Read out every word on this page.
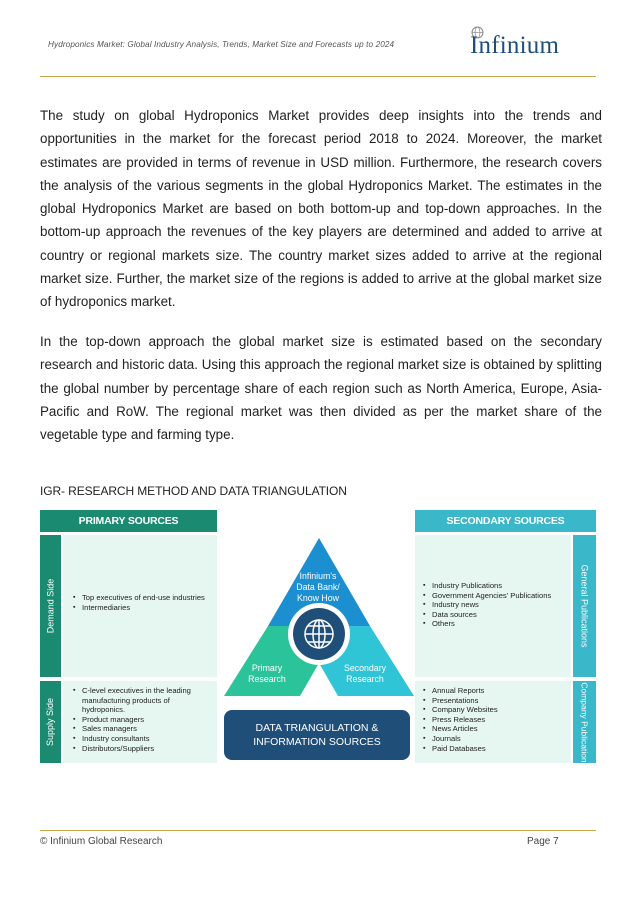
Hydroponics Market: Global Industry Analysis, Trends, Market Size and Forecasts up to 2024	Infinium

The study on global Hydroponics Market provides deep insights into the trends and opportunities in the market for the forecast period 2018 to 2024. Moreover, the market estimates are provided in terms of revenue in USD million. Furthermore, the research covers the analysis of the various segments in the global Hydroponics Market. The estimates in the global Hydroponics Market are based on both bottom-up and top-down approaches. In the bottom-up approach the revenues of the key players are determined and added to arrive at country or regional markets size. The country market sizes added to arrive at the regional market size. Further, the market size of the regions is added to arrive at the global market size of hydroponics market.

In the top-down approach the global market size is estimated based on the secondary research and historic data. Using this approach the regional market size is obtained by splitting the global number by percentage share of each region such as North America, Europe, Asia-Pacific and RoW. The regional market was then divided as per the market share of the vegetable type and farming type.

IGR- RESEARCH METHOD AND DATA TRIANGULATION
PRIMARY SOURCES
Demand Side
▪	Top executives of end-use industries
▪ Intermediaries
Supply Side
▪ C-level executives in the leading manufacturing products of hydroponics.
▪ Product managers
▪ Sales managers
▪ Industry consultants
▪ Distributors/Suppliers
SECONDARY SOURCES
▪ Industry Publications
▪ Government Agencies' Publications
▪ Industry news
▪ Data sources
▪ Others	General Publications
▪ Annual Reports
▪ Presentations
▪ Company Websites
▪ Press Releases
▪ News Articles
▪ Journals
▪ Paid Databases	Company Publication
Infinium's
Data Bank/
Know How
Primary
Research
Secondary
Research
DATA TRIANGULATION &
INFORMATION SOURCES
© Infinium Global Research	Page 7
